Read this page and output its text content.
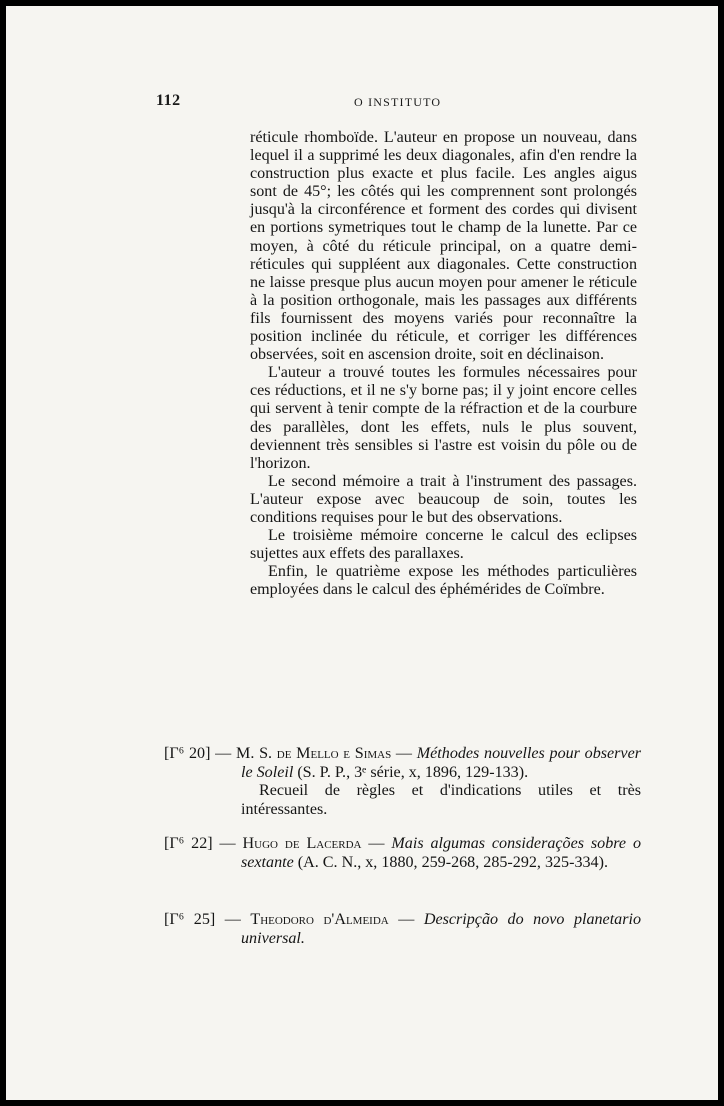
112	O INSTITUTO

réticule rhomboïde. L'auteur en propose un nouveau, dans lequel il a supprimé les deux diagonales, afin d'en rendre la construction plus exacte et plus facile. Les angles aigus sont de 45°; les côtés qui les comprennent sont prolongés jusqu'à la circonférence et forment des cordes qui divisent en portions symetriques tout le champ de la lunette. Par ce moyen, à côté du réticule principal, on a quatre demi-réticules qui suppléent aux diagonales. Cette construction ne laisse presque plus aucun moyen pour amener le réticule à la position orthogonale, mais les passages aux différents fils fournissent des moyens variés pour reconnaître la position inclinée du réticule, et corriger les différences observées, soit en ascension droite, soit en déclinaison.

L'auteur a trouvé toutes les formules nécessaires pour ces réductions, et il ne s'y borne pas; il y joint encore celles qui servent à tenir compte de la réfraction et de la courbure des parallèles, dont les effets, nuls le plus souvent, deviennent très sensibles si l'astre est voisin du pôle ou de l'horizon.

Le second mémoire a trait à l'instrument des passages. L'auteur expose avec beaucoup de soin, toutes les conditions requises pour le but des observations.

Le troisième mémoire concerne le calcul des eclipses sujettes aux effets des parallaxes.

Enfin, le quatrième expose les méthodes particulières employées dans le calcul des éphémérides de Coïmbre.

[Γ⁶ 20] — M. S. de Mello e Simas — Méthodes nouvelles pour observer le Soleil (S. P. P., 3ᵉ série, x, 1896, 129-133).
Recueil de règles et d'indications utiles et très intéressantes.
[Γ⁶ 22] — Hugo de Lacerda — Mais algumas considerações sobre o sextante (A. C. N., x, 1880, 259-268, 285-292, 325-334).
[Γ⁶ 25] — Theodoro d'Almeida — Descripção do novo planetario universal.
